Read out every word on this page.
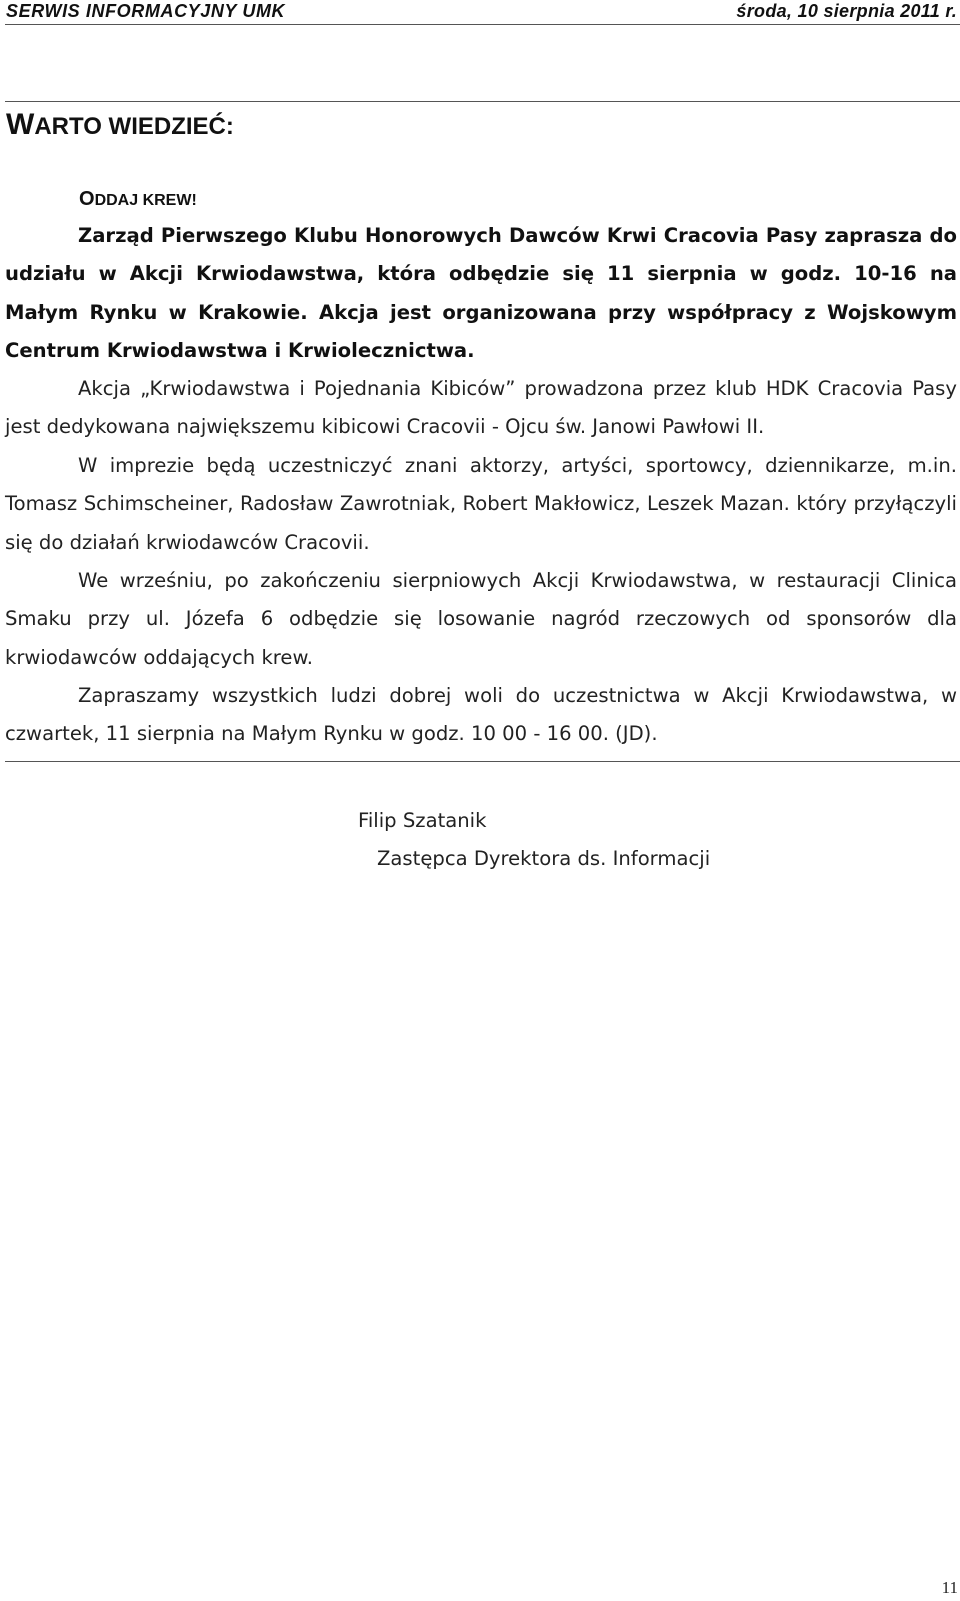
SERWIS INFORMACYJNY UMK	środa, 10 sierpnia 2011 r.
WARTO WIEDZIEĆ:
ODDAJ KREW!

Zarząd Pierwszego Klubu Honorowych Dawców Krwi Cracovia Pasy zaprasza do udziału w Akcji Krwiodawstwa, która odbędzie się 11 sierpnia w godz. 10-16 na Małym Rynku w Krakowie. Akcja jest organizowana przy współpracy z Wojskowym Centrum Krwiodawstwa i Krwiolecznictwa.

Akcja „Krwiodawstwa i Pojednania Kibiców” prowadzona przez klub HDK Cracovia Pasy jest dedykowana największemu kibicowi Cracovii - Ojcu św. Janowi Pawłowi II.

W imprezie będą uczestniczyć znani aktorzy, artyści, sportowcy, dziennikarze, m.in. Tomasz Schimscheiner, Radosław Zawrotniak, Robert Makłowicz, Leszek Mazan. który przyłączyli się do działań krwiodawców Cracovii.

We wrześniu, po zakończeniu sierpniowych Akcji Krwiodawstwa, w restauracji Clinica Smaku przy ul. Józefa 6 odbędzie się losowanie nagród rzeczowych od sponsorów dla krwiodawców oddających krew.

Zapraszamy wszystkich ludzi dobrej woli do uczestnictwa w Akcji Krwiodawstwa, w czwartek, 11 sierpnia na Małym Rynku w godz. 10 00 - 16 00. (JD).

Filip Szatanik

Zastępca Dyrektora ds. Informacji

11
